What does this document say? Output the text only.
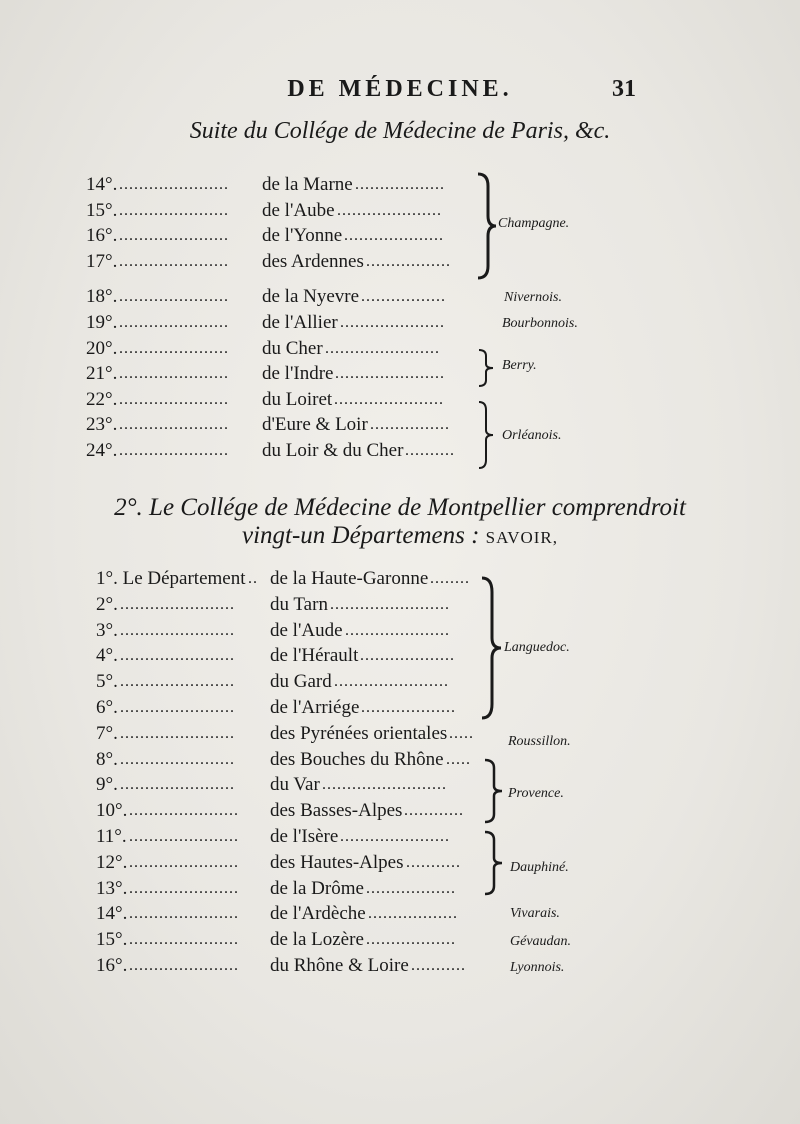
DE MÉDECINE.	31
Suite du Collége de Médecine de Paris, &c.
14°. ...................... de la Marne ..................
15°. ...................... de l'Aube .....................
16°. ...................... de l'Yonne ....................
17°. ...................... des Ardennes .................
18°. ...................... de la Nyevre .................
19°. ...................... de l'Allier .....................
20°. ...................... du Cher .......................
21°. ...................... de l'Indre ......................
22°. ...................... du Loiret ......................
23°. ...................... d'Eure & Loir ................
24°. ...................... du Loir & du Cher ..........
Champagne.
Nivernois.
Bourbonnois.
Berry.
Orléanois.
2°. Le Collége de Médecine de Montpellier comprendroit
vingt-un Départemens : SAVOIR,
1°. Le Département .. de la Haute-Garonne ........
2°. ....................... du Tarn ........................
3°. ....................... de l'Aude .....................
4°. ....................... de l'Hérault ...................
5°. ....................... du Gard .......................
6°. ....................... de l'Arriége ...................
7°. ....................... des Pyrénées orientales .....
8°. ....................... des Bouches du Rhône .....
9°. ....................... du Var .........................
10°. ...................... des Basses-Alpes ............
11°. ...................... de l'Isère ......................
12°. ...................... des Hautes-Alpes ...........
13°. ...................... de la Drôme ..................
14°. ...................... de l'Ardèche ..................
15°. ...................... de la Lozère ..................
16°. ...................... du Rhône & Loire ...........
Languedoc.
Roussillon.
Provence.
Dauphiné.
Vivarais.
Gévaudan.
Lyonnois.
